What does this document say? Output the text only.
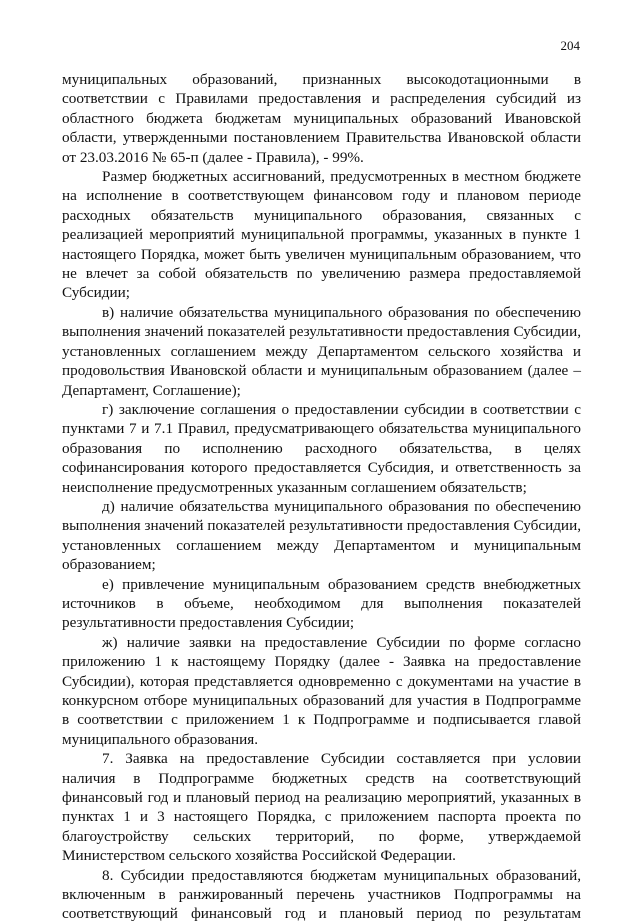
204

муниципальных образований, признанных высокодотационными в соответствии с Правилами предоставления и распределения субсидий из областного бюджета бюджетам муниципальных образований Ивановской области, утвержденными постановлением Правительства Ивановской области от 23.03.2016 № 65-п (далее - Правила), - 99%.

Размер бюджетных ассигнований, предусмотренных в местном бюджете на исполнение в соответствующем финансовом году и плановом периоде расходных обязательств муниципального образования, связанных с реализацией мероприятий муниципальной программы, указанных в пункте 1 настоящего Порядка, может быть увеличен муниципальным образованием, что не влечет за собой обязательств по увеличению размера предоставляемой Субсидии;

в) наличие обязательства муниципального образования по обеспечению выполнения значений показателей результативности предоставления Субсидии, установленных соглашением между Департаментом сельского хозяйства и продовольствия Ивановской области и муниципальным образованием (далее – Департамент, Соглашение);

г) заключение соглашения о предоставлении субсидии в соответствии с пунктами 7 и 7.1 Правил, предусматривающего обязательства муниципального образования по исполнению расходного обязательства, в целях софинансирования которого предоставляется Субсидия, и ответственность за неисполнение предусмотренных указанным соглашением обязательств;

д) наличие обязательства муниципального образования по обеспечению выполнения значений показателей результативности предоставления Субсидии, установленных соглашением между Департаментом и муниципальным образованием;

е) привлечение муниципальным образованием средств внебюджетных источников в объеме, необходимом для выполнения показателей результативности предоставления Субсидии;

ж) наличие заявки на предоставление Субсидии по форме согласно приложению 1 к настоящему Порядку (далее - Заявка на предоставление Субсидии), которая представляется одновременно с документами на участие в конкурсном отборе муниципальных образований для участия в Подпрограмме в соответствии с приложением 1 к Подпрограмме и подписывается главой муниципального образования.

7. Заявка на предоставление Субсидии составляется при условии наличия в Подпрограмме бюджетных средств на соответствующий финансовый год и плановый период на реализацию мероприятий, указанных в пунктах 1 и 3 настоящего Порядка, с приложением паспорта проекта по благоустройству сельских территорий, по форме, утверждаемой Министерством сельского хозяйства Российской Федерации.

8. Субсидии предоставляются бюджетам муниципальных образований, включенным в ранжированный перечень участников Подпрограммы на соответствующий финансовый год и плановый период по результатам
